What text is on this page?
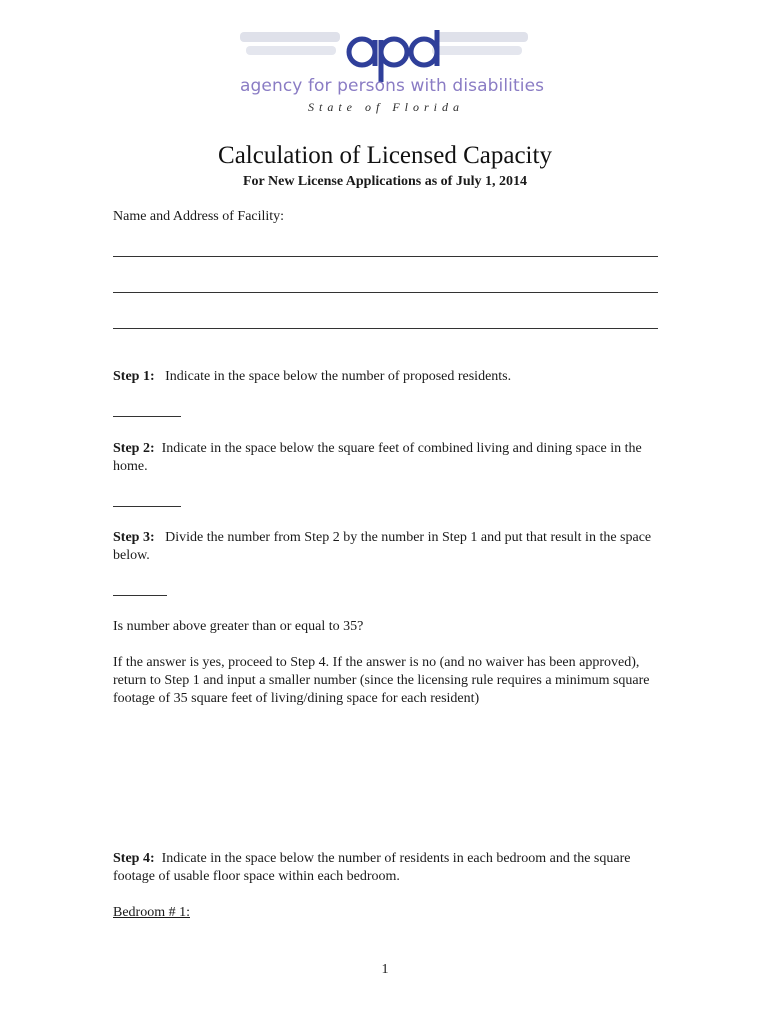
agency for persons with disabilities
State of Florida
Calculation of Licensed Capacity
For New License Applications as of July 1, 2014
Name and Address of Facility:
Step 1: Indicate in the space below the number of proposed residents.
Step 2: Indicate in the space below the square feet of combined living and dining space in the home.
Step 3: Divide the number from Step 2 by the number in Step 1 and put that result in the space below.
Is number above greater than or equal to 35?
If the answer is yes, proceed to Step 4. If the answer is no (and no waiver has been approved), return to Step 1 and input a smaller number (since the licensing rule requires a minimum square footage of 35 square feet of living/dining space for each resident)
Step 4: Indicate in the space below the number of residents in each bedroom and the square footage of usable floor space within each bedroom.
Bedroom # 1:
1
